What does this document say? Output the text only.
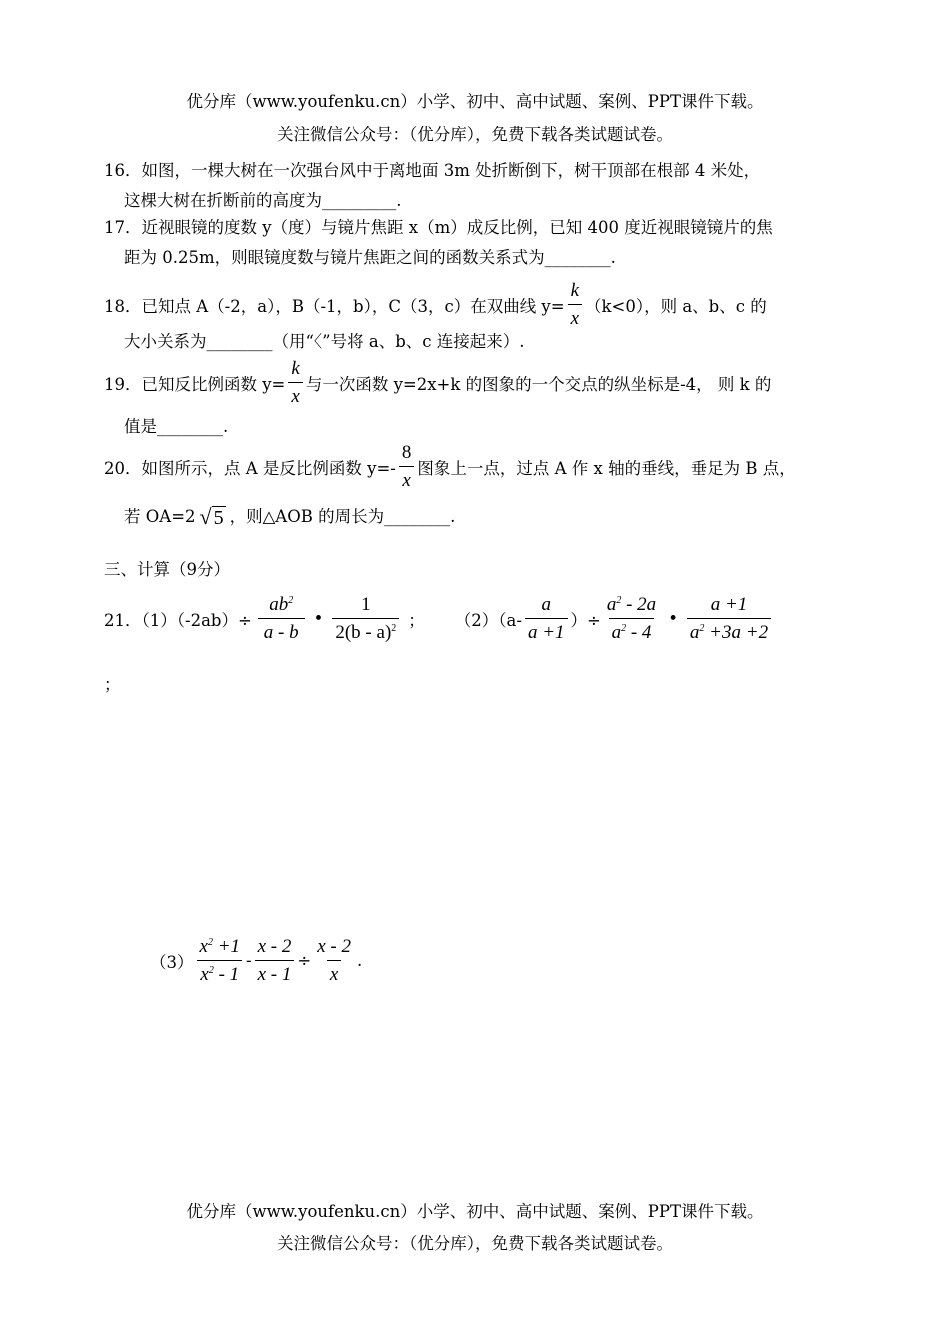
优分库（www.youfenku.cn）小学、初中、高中试题、案例、PPT课件下载。
关注微信公众号：（优分库），免费下载各类试题试卷。
16．如图，一棵大树在一次强台风中于离地面 3m 处折断倒下，树干顶部在根部 4 米处，
这棵大树在折断前的高度为_________.
17．近视眼镜的度数 y（度）与镜片焦距 x（m）成反比例，已知 400 度近视眼镜镜片的焦
距为 0.25m，则眼镜度数与镜片焦距之间的函数关系式为________.
18．已知点 A（-2，a），B（-1，b），C（3，c）在双曲线 $y= \frac{k}{x} (k<0)$，则 a、b、c 的
大小关系为________（用“〈”号将 a、b、c 连接起来）.
19．已知反比例函数 $y= \frac{k}{x}$ 与一次函数 y=2x+k 的图象的一个交点的纵坐标是-4， 则 k 的
值是________.
20．如图所示，点 A 是反比例函数 $y=- \frac{8}{x}$ 图象上一点，过点 A 作 x 轴的垂线，垂足为 B 点，
若 OA=2 √ 5 ，则△AOB 的周长为________.
三、计算（9分）
21．$(1)(-2ab)\div \frac{ab^2}{a - b}$ • $\frac{1}{2(b - a)^2}$ ； $(2)(a- \frac{a}{a +1}$ ）÷ $\frac{a^2 - 2a}{a^2 - 4}$ • $\frac{a +1}{a^2 +3a +2}$
；
$(3) \frac{x^2 +1}{x^2 - 1} - \frac{x - 2}{x - 1} \div \frac{x - 2}{x}$ .
优分库（www.youfenku.cn）小学、初中、高中试题、案例、PPT课件下载。
关注微信公众号：（优分库），免费下载各类试题试卷。
